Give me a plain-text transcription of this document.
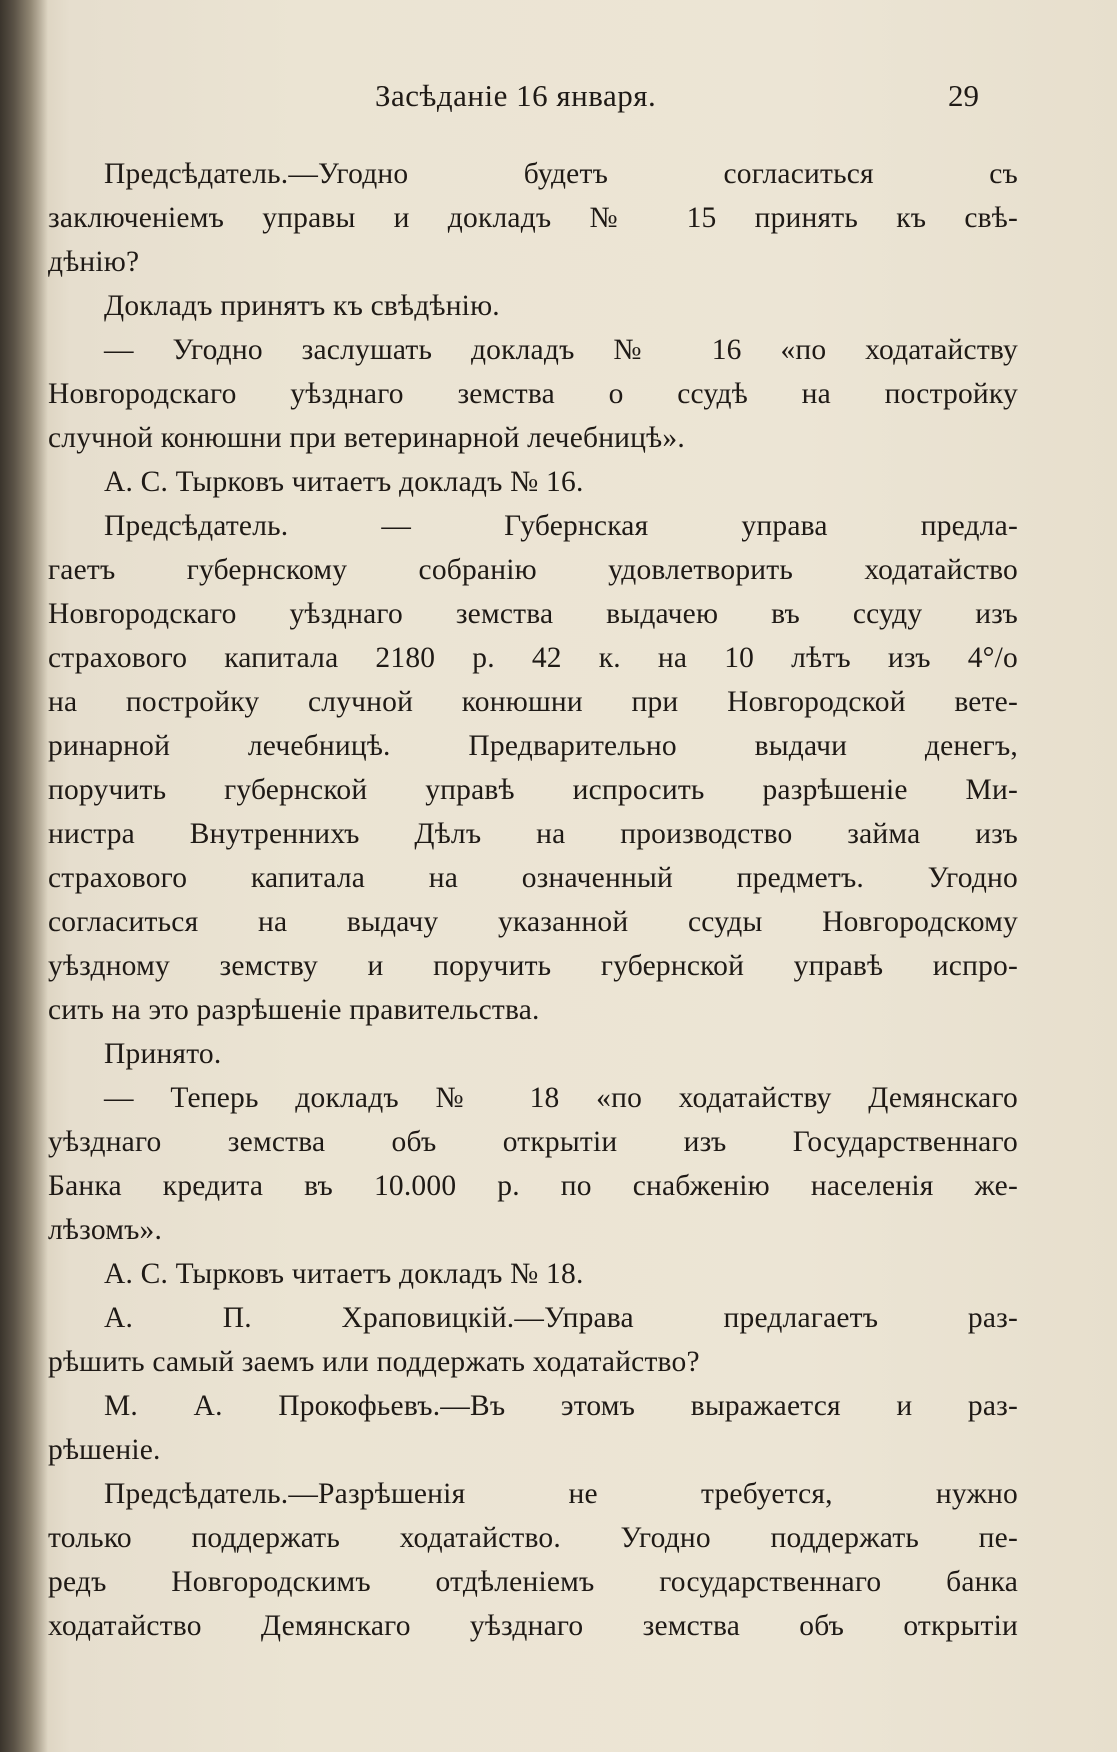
Засѣданіе 16 января.	29
Предсѣдатель.—Угодно будетъ согласиться съ
заключеніемъ управы и докладъ № 15 принять къ свѣ-
дѣнію?
Докладъ принятъ къ свѣдѣнію.
— Угодно заслушать докладъ № 16 «по ходатайству
Новгородскаго уѣзднаго земства о ссудѣ на постройку
случной конюшни при ветеринарной лечебницѣ».
А. С. Тырковъ читаетъ докладъ № 16.
Предсѣдатель. — Губернская управа предла-
гаетъ губернскому собранію удовлетворить ходатайство
Новгородскаго уѣзднаго земства выдачею въ ссуду изъ
страхового капитала 2180 р. 42 к. на 10 лѣтъ изъ 4°/о
на постройку случной конюшни при Новгородской вете-
ринарной лечебницѣ. Предварительно выдачи денегъ,
поручить губернской управѣ испросить разрѣшеніе Ми-
нистра Внутреннихъ Дѣлъ на производство займа изъ
страхового капитала на означенный предметъ. Угодно
согласиться на выдачу указанной ссуды Новгородскому
уѣздному земству и поручить губернской управѣ испро-
сить на это разрѣшеніе правительства.
Принято.
— Теперь докладъ № 18 «по ходатайству Демянскаго
уѣзднаго земства объ открытіи изъ Государственнаго
Банка кредита въ 10.000 р. по снабженію населенія же-
лѣзомъ».
А. С. Тырковъ читаетъ докладъ № 18.
А. П. Храповицкій.—Управа предлагаетъ раз-
рѣшить самый заемъ или поддержать ходатайство?
М. А. Прокофьевъ.—Въ этомъ выражается и раз-
рѣшеніе.
Предсѣдатель.—Разрѣшенія не требуется, нужно
только поддержать ходатайство. Угодно поддержать пе-
редъ Новгородскимъ отдѣленіемъ государственнаго банка
ходатайство Демянскаго уѣзднаго земства объ открытіи
